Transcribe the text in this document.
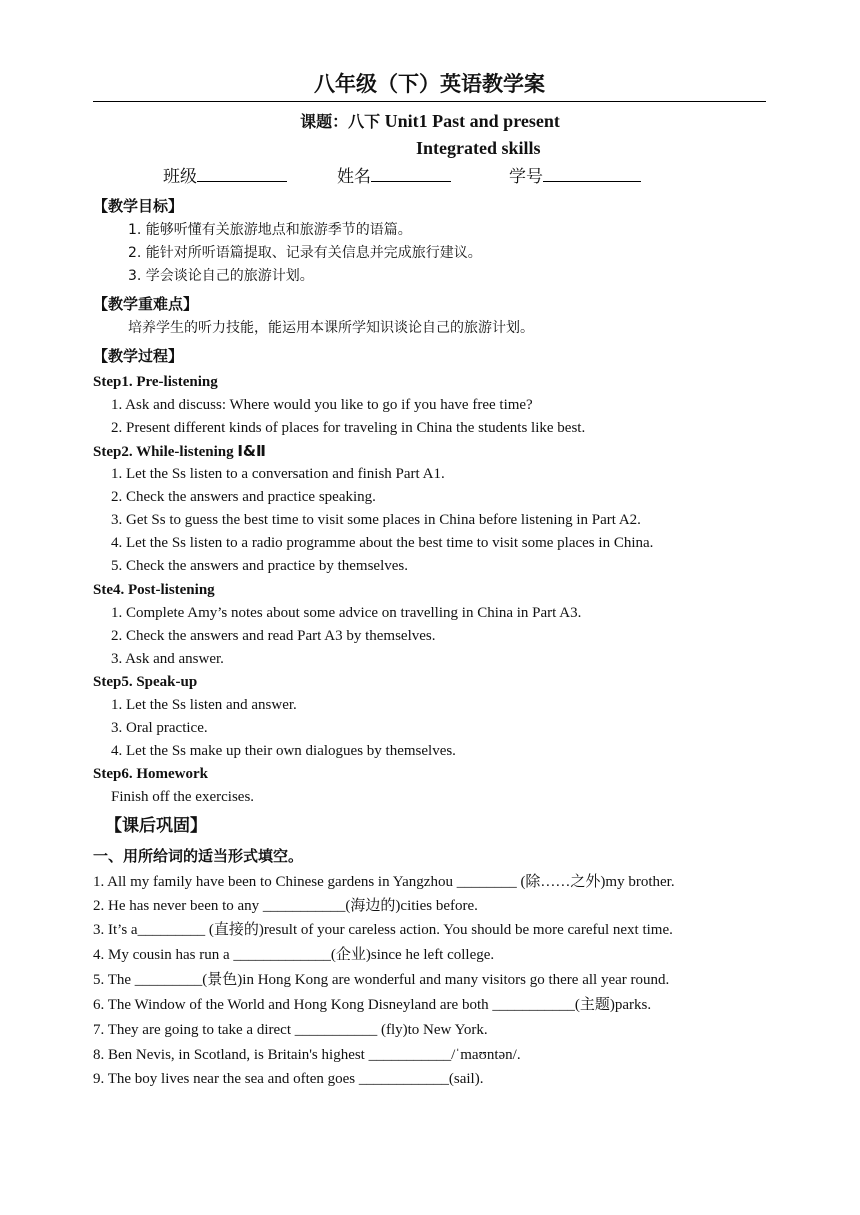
八年级（下）英语教学案
课题：八下 Unit1 Past and present
Integrated skills
班级	姓名	学号
【教学目标】
1. 能够听懂有关旅游地点和旅游季节的语篇。
2. 能针对所听语篇提取、记录有关信息并完成旅行建议。
3. 学会谈论自己的旅游计划。
【教学重难点】
培养学生的听力技能，能运用本课所学知识谈论自己的旅游计划。
【教学过程】
Step1. Pre-listening
1. Ask and discuss: Where would you like to go if you have free time?
2. Present different kinds of places for traveling in China the students like best.
Step2. While-listening Ⅰ&Ⅱ
1. Let the Ss listen to a conversation and finish Part A1.
2. Check the answers and practice speaking.
3. Get Ss to guess the best time to visit some places in China before listening in Part A2.
4. Let the Ss listen to a radio programme about the best time to visit some places in China.
5. Check the answers and practice by themselves.
Ste4. Post-listening
1. Complete Amy’s notes about some advice on travelling in China in Part A3.
2. Check the answers and read Part A3 by themselves.
3. Ask and answer.
Step5. Speak-up
1. Let the Ss listen and answer.
3. Oral practice.
4. Let the Ss make up their own dialogues by themselves.
Step6. Homework
Finish off the exercises.
【课后巩固】
一、用所给词的适当形式填空。
1. All my family have been to Chinese gardens in Yangzhou ________ (除……之外)my brother.
2. He has never been to any ___________(海边的)cities before.
3. It’s a_________ (直接的)result of your careless action. You should be more careful next time.
4. My cousin has run a _____________(企业)since he left college.
5. The _________(景色)in Hong Kong are wonderful and many visitors go there all year round.
6. The Window of the World and Hong Kong Disneyland are both ___________(主题)parks.
7. They are going to take a direct ___________ (fly)to New York.
8. Ben Nevis, in Scotland, is Britain's highest ___________/ˈmaʊntən/.
9. The boy lives near the sea and often goes ____________(sail).
